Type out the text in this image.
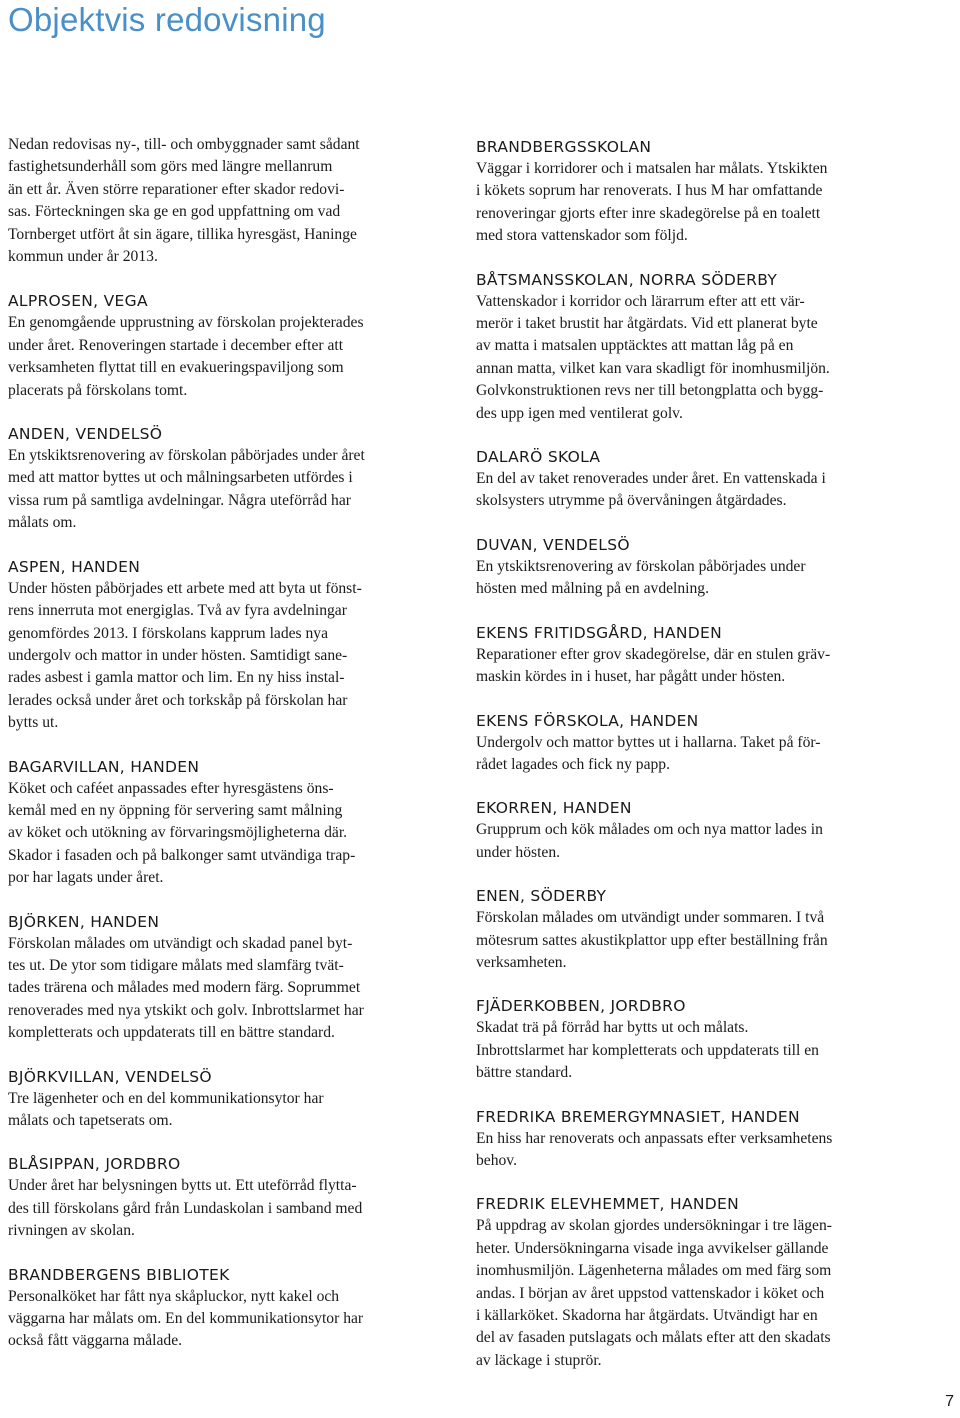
Objektvis redovisning

Nedan redovisas ny-, till- och ombyggnader samt sådant
fastighetsunderhåll som görs med längre mellanrum
än ett år. Även större reparationer efter skador redovi-
sas. Förteckningen ska ge en god uppfattning om vad
Tornberget utfört åt sin ägare, tillika hyresgäst, Haninge
kommun under år 2013.

ALPROSEN, VEGA

En genomgående upprustning av förskolan projekterades
under året. Renoveringen startade i december efter att
verksamheten flyttat till en evakueringspaviljong som
placerats på förskolans tomt.

ANDEN, VENDELSÖ

En ytskiktsrenovering av förskolan påbörjades under året
med att mattor byttes ut och målningsarbeten utfördes i
vissa rum på samtliga avdelningar. Några uteförråd har
målats om.

ASPEN, HANDEN

Under hösten påbörjades ett arbete med att byta ut fönst-
rens innerruta mot energiglas. Två av fyra avdelningar
genomfördes 2013. I förskolans kapprum lades nya
undergolv och mattor in under hösten. Samtidigt sane-
rades asbest i gamla mattor och lim. En ny hiss instal-
lerades också under året och torkskåp på förskolan har
bytts ut.

BAGARVILLAN, HANDEN

Köket och caféet anpassades efter hyresgästens öns-
kemål med en ny öppning för servering samt målning
av köket och utökning av förvaringsmöjligheterna där.
Skador i fasaden och på balkonger samt utvändiga trap-
por har lagats under året.

BJÖRKEN, HANDEN

Förskolan målades om utvändigt och skadad panel byt-
tes ut. De ytor som tidigare målats med slamfärg tvät-
tades trärena och målades med modern färg. Soprummet
renoverades med nya ytskikt och golv. Inbrottslarmet har
kompletterats och uppdaterats till en bättre standard.

BJÖRKVILLAN, VENDELSÖ

Tre lägenheter och en del kommunikationsytor har
målats och tapetserats om.

BLÅSIPPAN, JORDBRO

Under året har belysningen bytts ut. Ett uteförråd flytta-
des till förskolans gård från Lundaskolan i samband med
rivningen av skolan.

BRANDBERGENS BIBLIOTEK

Personalköket har fått nya skåpluckor, nytt kakel och
väggarna har målats om. En del kommunikationsytor har
också fått väggarna målade.

BRANDBERGSSKOLAN

Väggar i korridorer och i matsalen har målats. Ytskikten
i kökets soprum har renoverats. I hus M har omfattande
renoveringar gjorts efter inre skadegörelse på en toalett
med stora vattenskador som följd.

BÅTSMANSSKOLAN, NORRA SÖDERBY

Vattenskador i korridor och lärarrum efter att ett vär-
merör i taket brustit har åtgärdats. Vid ett planerat byte
av matta i matsalen upptäcktes att mattan låg på en
annan matta, vilket kan vara skadligt för inomhusmiljön.
Golvkonstruktionen revs ner till betongplatta och bygg-
des upp igen med ventilerat golv.

DALARÖ SKOLA

En del av taket renoverades under året. En vattenskada i
skolsysters utrymme på övervåningen åtgärdades.

DUVAN, VENDELSÖ

En ytskiktsrenovering av förskolan påbörjades under
hösten med målning på en avdelning.

EKENS FRITIDSGÅRD, HANDEN

Reparationer efter grov skadegörelse, där en stulen gräv-
maskin kördes in i huset, har pågått under hösten.

EKENS FÖRSKOLA, HANDEN

Undergolv och mattor byttes ut i hallarna. Taket på för-
rådet lagades och fick ny papp.

EKORREN, HANDEN

Grupprum och kök målades om och nya mattor lades in
under hösten.

ENEN, SÖDERBY

Förskolan målades om utvändigt under sommaren. I två
mötesrum sattes akustikplattor upp efter beställning från
verksamheten.

FJÄDERKOBBEN, JORDBRO

Skadat trä på förråd har bytts ut och målats.
Inbrottslarmet har kompletterats och uppdaterats till en
bättre standard.

FREDRIKA BREMERGYMNASIET, HANDEN

En hiss har renoverats och anpassats efter verksamhetens
behov.

FREDRIK ELEVHEMMET, HANDEN

På uppdrag av skolan gjordes undersökningar i tre lägen-
heter. Undersökningarna visade inga avvikelser gällande
inomhusmiljön. Lägenheterna målades om med färg som
andas. I början av året uppstod vattenskador i köket och
i källarköket. Skadorna har åtgärdats. Utvändigt har en
del av fasaden putslagats och målats efter att den skadats
av läckage i stuprör.

7
